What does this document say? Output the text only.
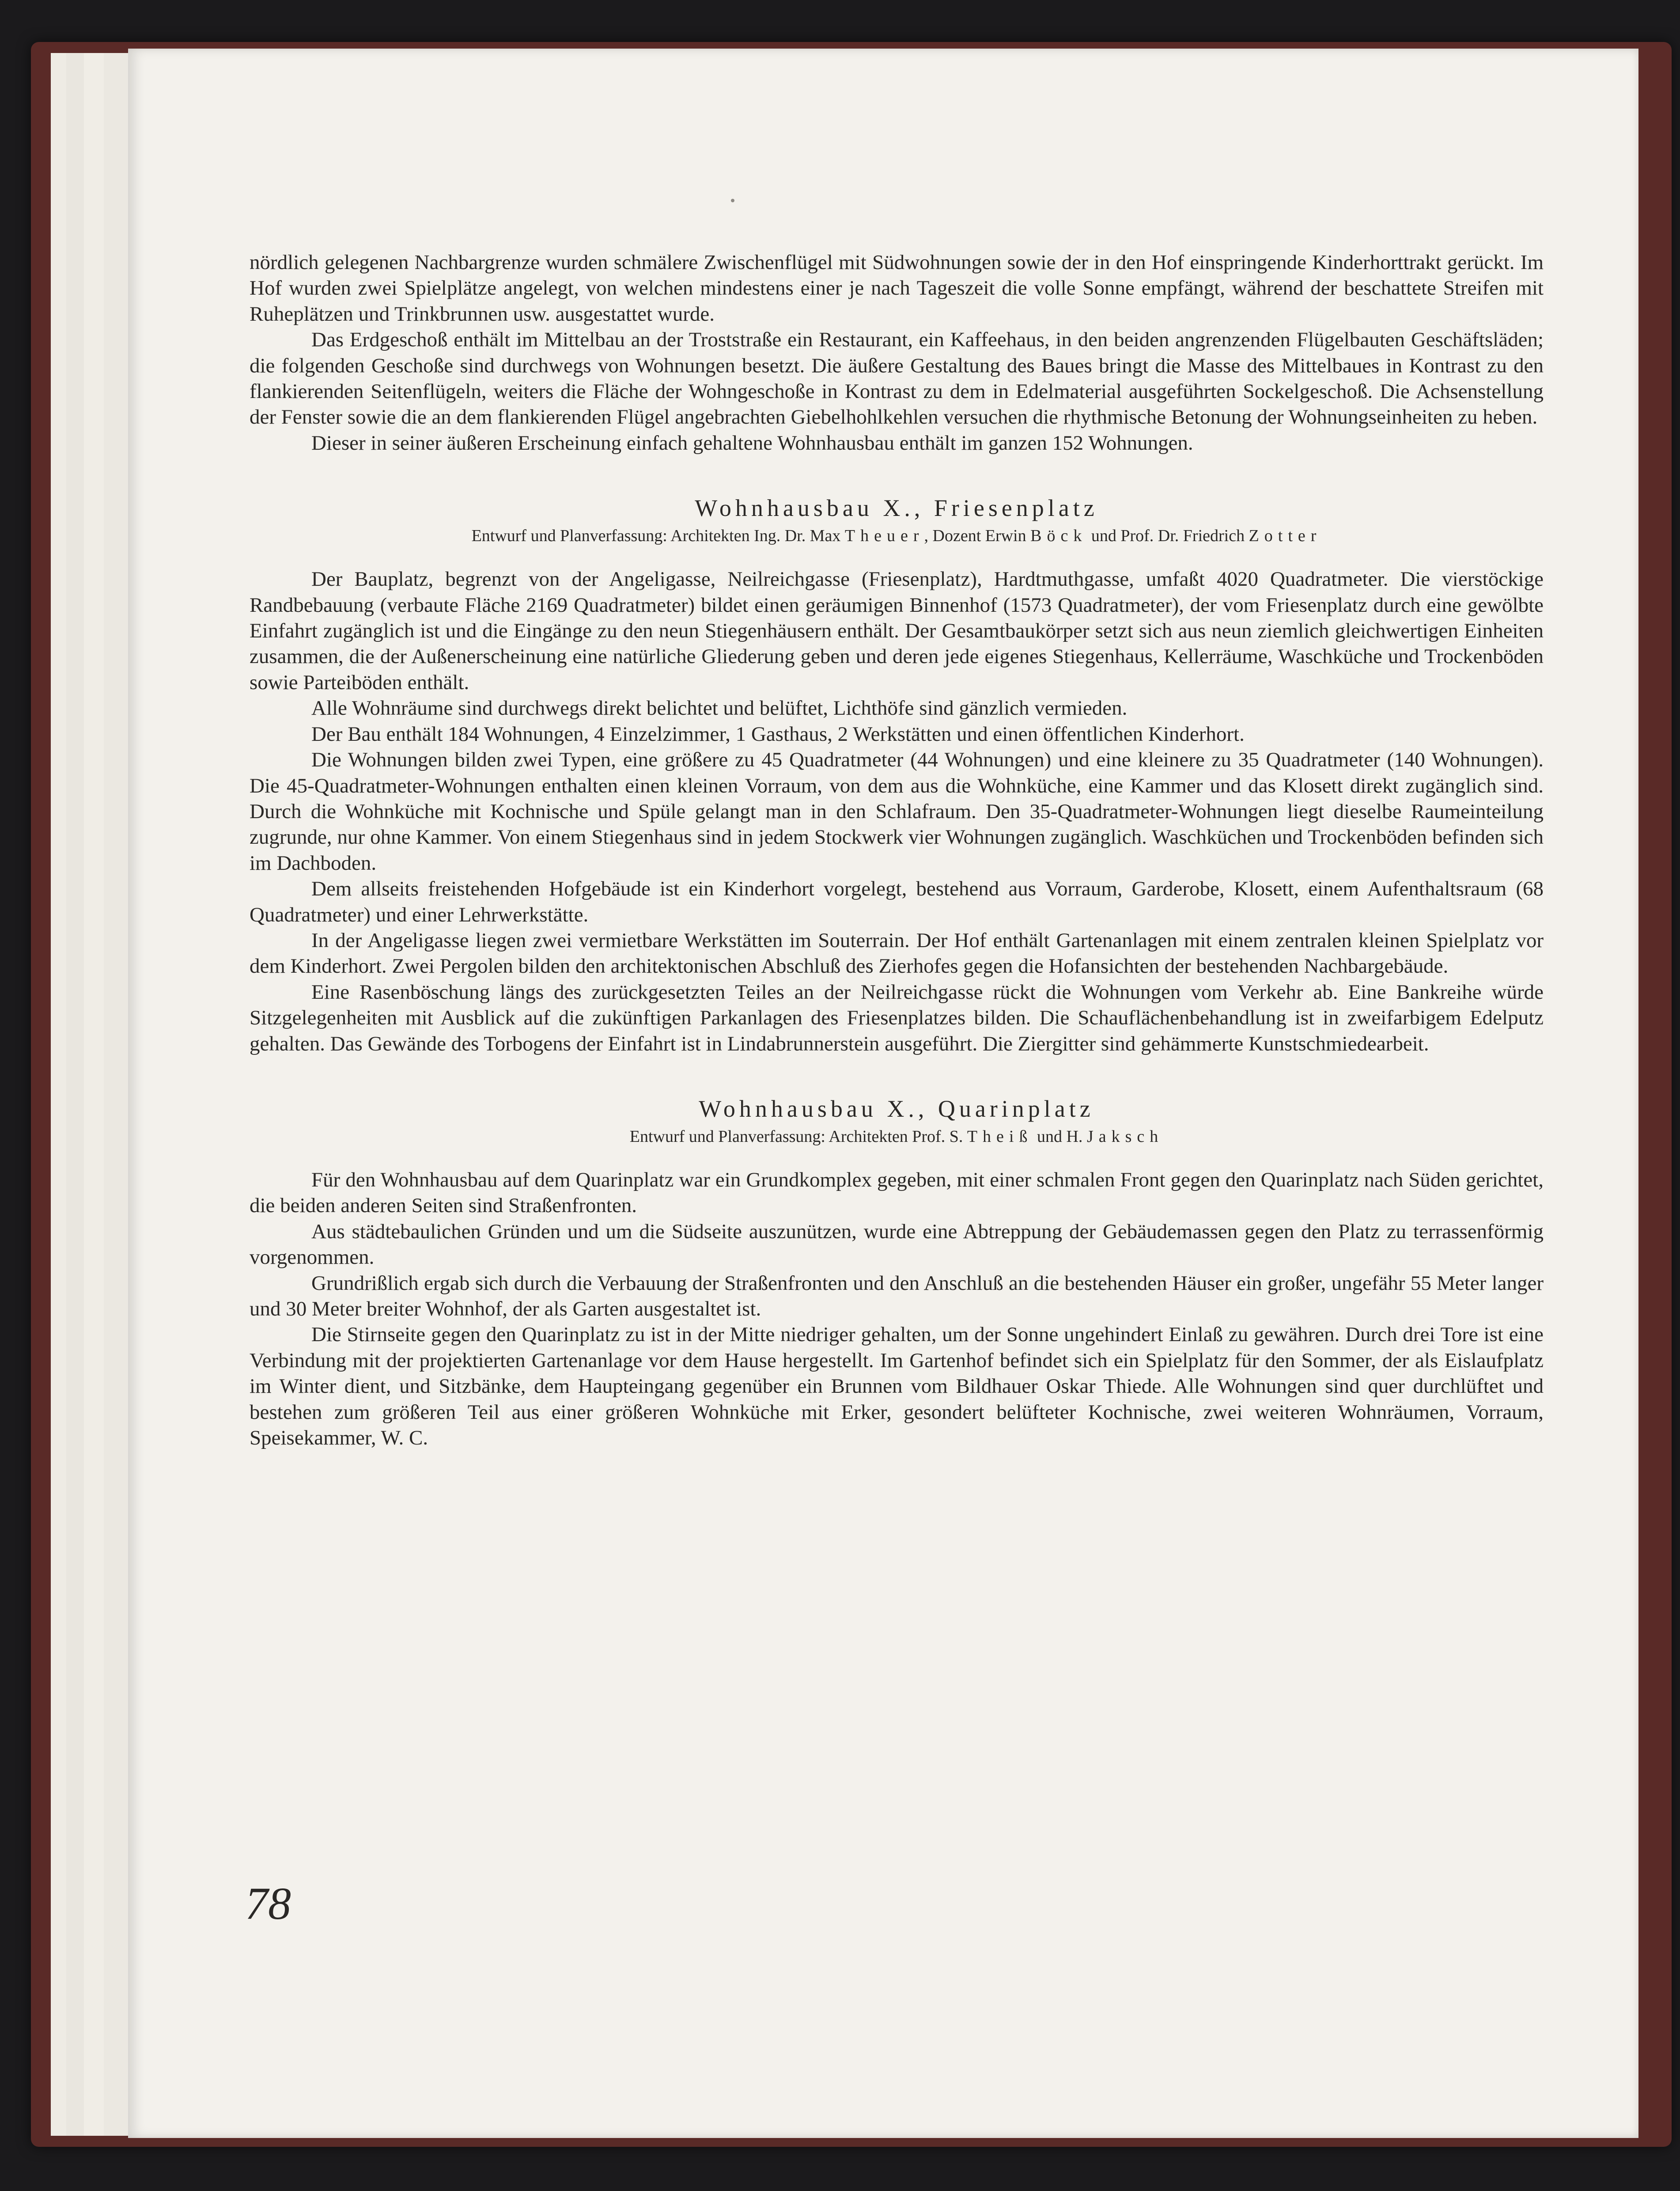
nördlich gelegenen Nachbargrenze wurden schmälere Zwischenflügel mit Südwohnungen sowie der in den Hof einspringende Kinderhorttrakt gerückt. Im Hof wurden zwei Spielplätze angelegt, von welchen mindestens einer je nach Tageszeit die volle Sonne empfängt, während der beschattete Streifen mit Ruheplätzen und Trinkbrunnen usw. ausgestattet wurde.

Das Erdgeschoß enthält im Mittelbau an der Troststraße ein Restaurant, ein Kaffeehaus, in den beiden angrenzenden Flügelbauten Geschäftsläden; die folgenden Geschoße sind durchwegs von Wohnungen besetzt. Die äußere Gestaltung des Baues bringt die Masse des Mittelbaues in Kontrast zu den flankierenden Seitenflügeln, weiters die Fläche der Wohngeschoße in Kontrast zu dem in Edelmaterial ausgeführten Sockelgeschoß. Die Achsenstellung der Fenster sowie die an dem flankierenden Flügel angebrachten Giebelhohlkehlen versuchen die rhythmische Betonung der Wohnungseinheiten zu heben.

Dieser in seiner äußeren Erscheinung einfach gehaltene Wohnhausbau enthält im ganzen 152 Wohnungen.

Wohnhausbau X., Friesenplatz
Entwurf und Planverfassung: Architekten Ing. Dr. Max Theuer, Dozent Erwin Böck und Prof. Dr. Friedrich Zotter

Der Bauplatz, begrenzt von der Angeligasse, Neilreichgasse (Friesenplatz), Hardtmuthgasse, umfaßt 4020 Quadratmeter. Die vierstöckige Randbebauung (verbaute Fläche 2169 Quadratmeter) bildet einen geräumigen Binnenhof (1573 Quadratmeter), der vom Friesenplatz durch eine gewölbte Einfahrt zugänglich ist und die Eingänge zu den neun Stiegenhäusern enthält. Der Gesamtbaukörper setzt sich aus neun ziemlich gleichwertigen Einheiten zusammen, die der Außenerscheinung eine natürliche Gliederung geben und deren jede eigenes Stiegenhaus, Kellerräume, Waschküche und Trockenböden sowie Parteiböden enthält.

Alle Wohnräume sind durchwegs direkt belichtet und belüftet, Lichthöfe sind gänzlich vermieden.

Der Bau enthält 184 Wohnungen, 4 Einzelzimmer, 1 Gasthaus, 2 Werkstätten und einen öffentlichen Kinderhort.

Die Wohnungen bilden zwei Typen, eine größere zu 45 Quadratmeter (44 Wohnungen) und eine kleinere zu 35 Quadratmeter (140 Wohnungen). Die 45-Quadratmeter-Wohnungen enthalten einen kleinen Vorraum, von dem aus die Wohnküche, eine Kammer und das Klosett direkt zugänglich sind. Durch die Wohnküche mit Kochnische und Spüle gelangt man in den Schlafraum. Den 35-Quadratmeter-Wohnungen liegt dieselbe Raumeinteilung zugrunde, nur ohne Kammer. Von einem Stiegenhaus sind in jedem Stockwerk vier Wohnungen zugänglich. Waschküchen und Trockenböden befinden sich im Dachboden.

Dem allseits freistehenden Hofgebäude ist ein Kinderhort vorgelegt, bestehend aus Vorraum, Garderobe, Klosett, einem Aufenthaltsraum (68 Quadratmeter) und einer Lehrwerkstätte.

In der Angeligasse liegen zwei vermietbare Werkstätten im Souterrain. Der Hof enthält Gartenanlagen mit einem zentralen kleinen Spielplatz vor dem Kinderhort. Zwei Pergolen bilden den architektonischen Abschluß des Zierhofes gegen die Hofansichten der bestehenden Nachbargebäude.

Eine Rasenböschung längs des zurückgesetzten Teiles an der Neilreichgasse rückt die Wohnungen vom Verkehr ab. Eine Bankreihe würde Sitzgelegenheiten mit Ausblick auf die zukünftigen Parkanlagen des Friesenplatzes bilden. Die Schauflächenbehandlung ist in zweifarbigem Edelputz gehalten. Das Gewände des Torbogens der Einfahrt ist in Lindabrunnerstein ausgeführt. Die Ziergitter sind gehämmerte Kunstschmiedearbeit.

Wohnhausbau X., Quarinplatz
Entwurf und Planverfassung: Architekten Prof. S. Theiß und H. Jaksch

Für den Wohnhausbau auf dem Quarinplatz war ein Grundkomplex gegeben, mit einer schmalen Front gegen den Quarinplatz nach Süden gerichtet, die beiden anderen Seiten sind Straßenfronten.

Aus städtebaulichen Gründen und um die Südseite auszunützen, wurde eine Abtreppung der Gebäudemassen gegen den Platz zu terrassenförmig vorgenommen.

Grundrißlich ergab sich durch die Verbauung der Straßenfronten und den Anschluß an die bestehenden Häuser ein großer, ungefähr 55 Meter langer und 30 Meter breiter Wohnhof, der als Garten ausgestaltet ist.

Die Stirnseite gegen den Quarinplatz zu ist in der Mitte niedriger gehalten, um der Sonne ungehindert Einlaß zu gewähren. Durch drei Tore ist eine Verbindung mit der projektierten Gartenanlage vor dem Hause hergestellt. Im Gartenhof befindet sich ein Spielplatz für den Sommer, der als Eislaufplatz im Winter dient, und Sitzbänke, dem Haupteingang gegenüber ein Brunnen vom Bildhauer Oskar Thiede. Alle Wohnungen sind quer durchlüftet und bestehen zum größeren Teil aus einer größeren Wohnküche mit Erker, gesondert belüfteter Kochnische, zwei weiteren Wohnräumen, Vorraum, Speisekammer, W. C.

78
